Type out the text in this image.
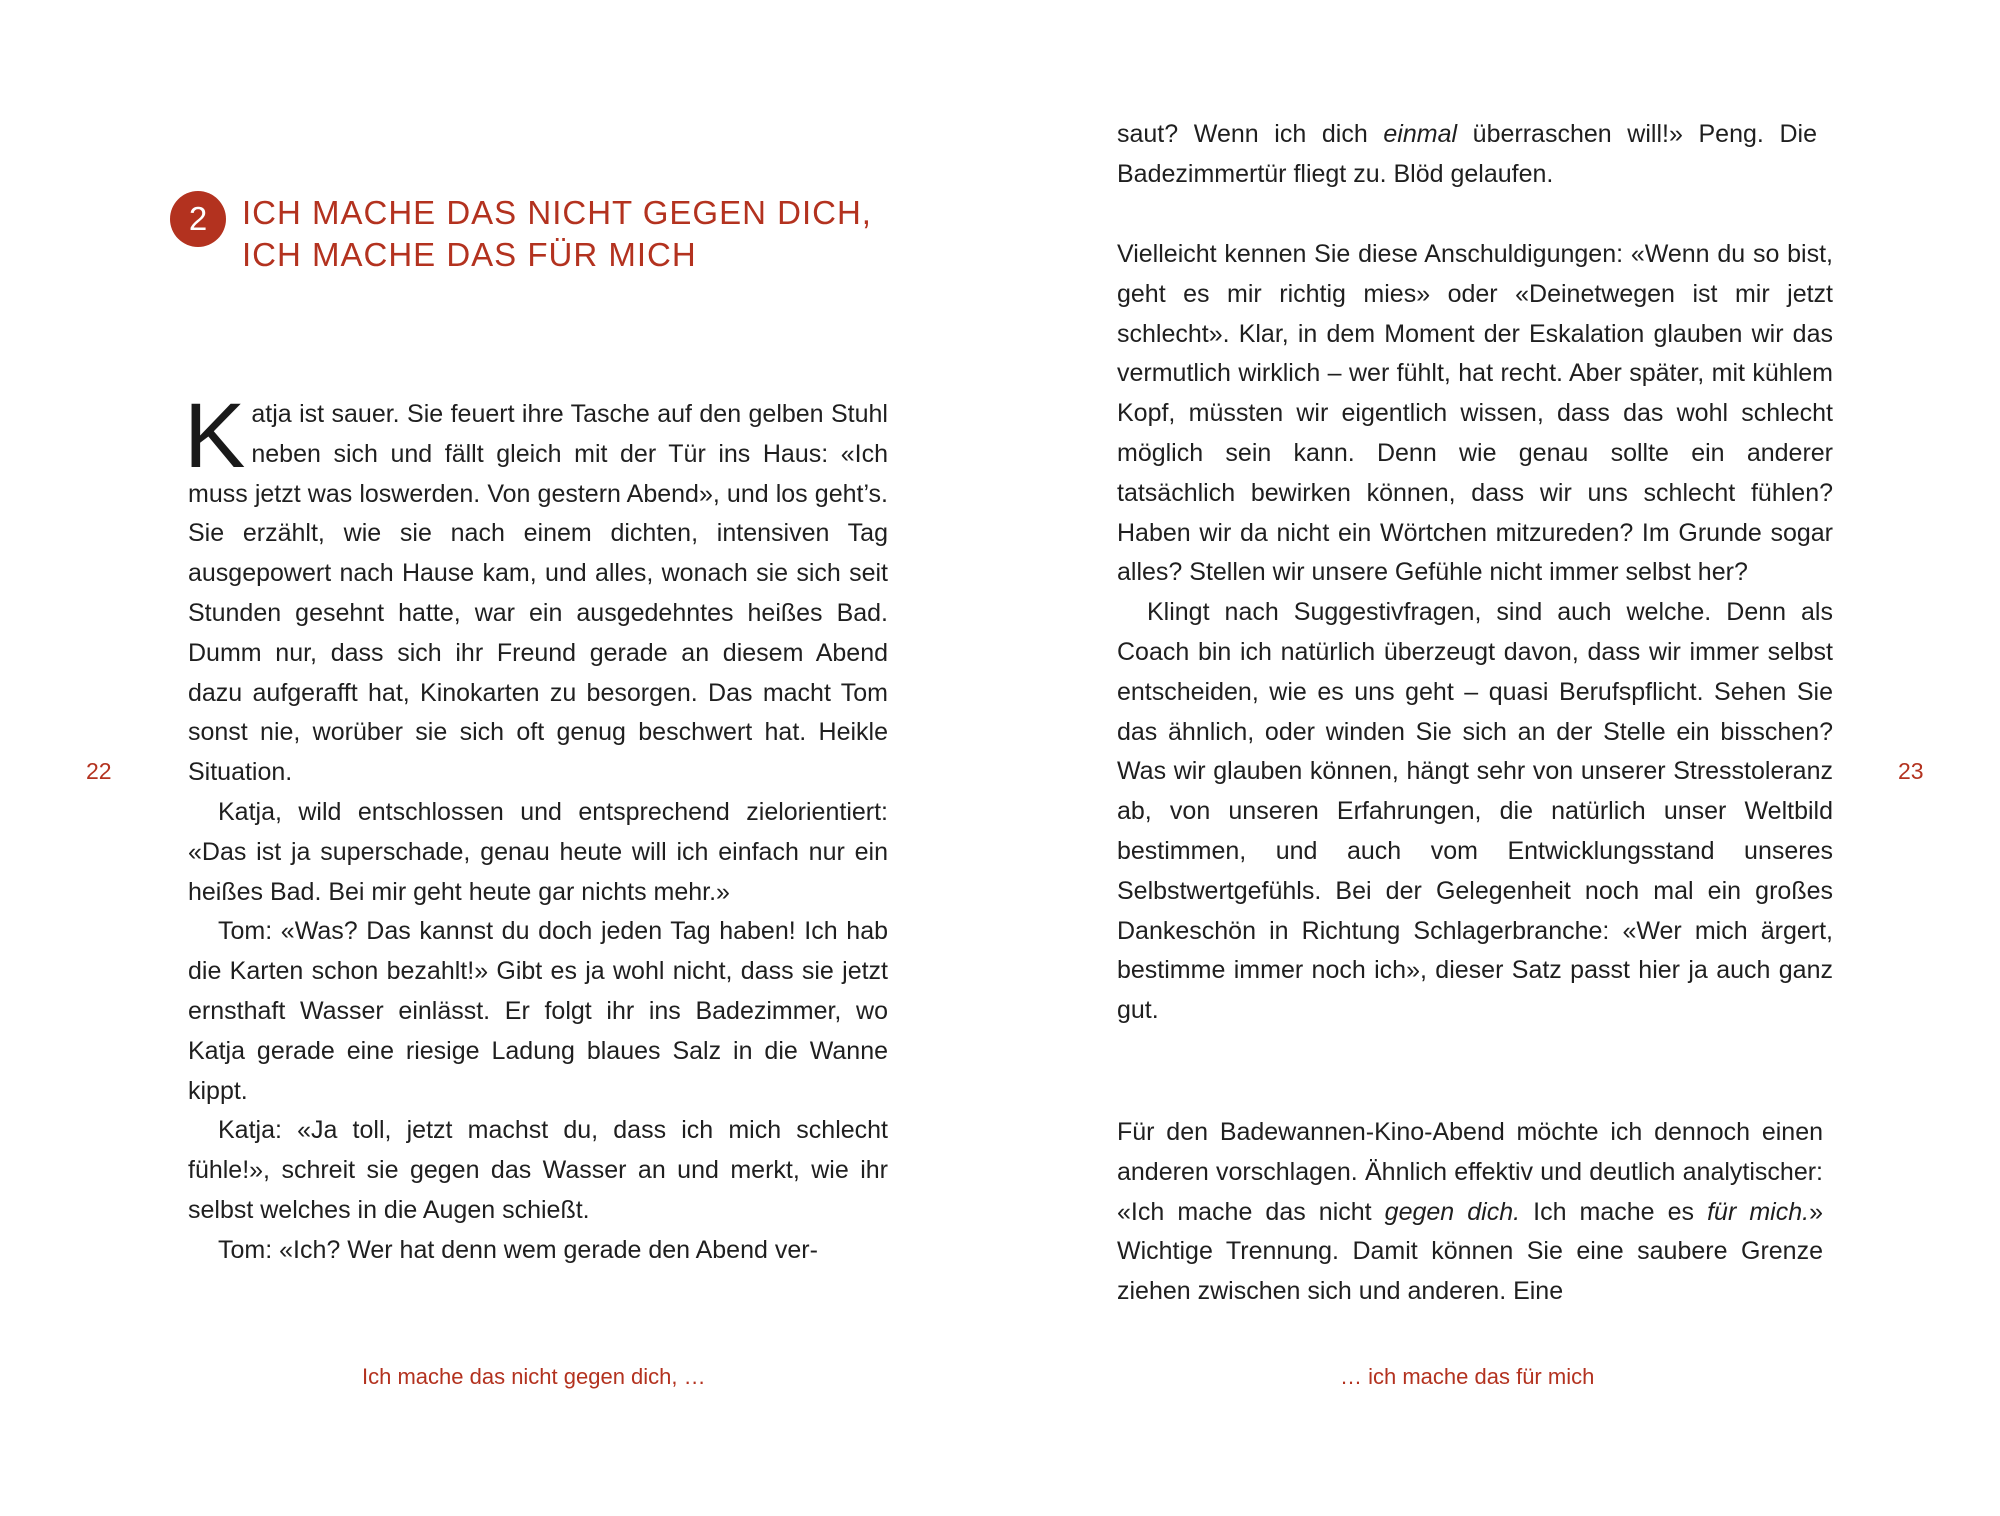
2	ICH MACHE DAS NICHT GEGEN DICH,
ICH MACHE DAS FÜR MICH

Katja ist sauer. Sie feuert ihre Tasche auf den gelben Stuhl neben sich und fällt gleich mit der Tür ins Haus: «Ich muss jetzt was loswerden. Von gestern Abend», und los geht’s. Sie erzählt, wie sie nach einem dichten, intensiven Tag ausgepowert nach Hause kam, und alles, wonach sie sich seit Stunden gesehnt hatte, war ein ausgedehntes heißes Bad. Dumm nur, dass sich ihr Freund gerade an diesem Abend dazu aufgerafft hat, Kinokarten zu besorgen. Das macht Tom sonst nie, worüber sie sich oft genug beschwert hat. Heikle Situation.

Katja, wild entschlossen und entsprechend zielorientiert: «Das ist ja superschade, genau heute will ich einfach nur ein heißes Bad. Bei mir geht heute gar nichts mehr.»

Tom: «Was? Das kannst du doch jeden Tag haben! Ich hab die Karten schon bezahlt!» Gibt es ja wohl nicht, dass sie jetzt ernsthaft Wasser einlässt. Er folgt ihr ins Badezimmer, wo Katja gerade eine riesige Ladung blaues Salz in die Wanne kippt.

Katja: «Ja toll, jetzt machst du, dass ich mich schlecht fühle!», schreit sie gegen das Wasser an und merkt, wie ihr selbst welches in die Augen schießt.

Tom: «Ich? Wer hat denn wem gerade den Abend ver-

22
Ich mache das nicht gegen dich, …

saut? Wenn ich dich einmal überraschen will!» Peng. Die Badezimmertür fliegt zu. Blöd gelaufen.

Vielleicht kennen Sie diese Anschuldigungen: «Wenn du so bist, geht es mir richtig mies» oder «Deinetwegen ist mir jetzt schlecht». Klar, in dem Moment der Eskalation glauben wir das vermutlich wirklich – wer fühlt, hat recht. Aber später, mit kühlem Kopf, müssten wir eigentlich wissen, dass das wohl schlecht möglich sein kann. Denn wie genau sollte ein anderer tatsächlich bewirken können, dass wir uns schlecht fühlen? Haben wir da nicht ein Wörtchen mitzureden? Im Grunde sogar alles? Stellen wir unsere Gefühle nicht immer selbst her?

Klingt nach Suggestivfragen, sind auch welche. Denn als Coach bin ich natürlich überzeugt davon, dass wir immer selbst entscheiden, wie es uns geht – quasi Berufspflicht. Sehen Sie das ähnlich, oder winden Sie sich an der Stelle ein bisschen? Was wir glauben können, hängt sehr von unserer Stresstoleranz ab, von unseren Erfahrungen, die natürlich unser Weltbild bestimmen, und auch vom Entwicklungsstand unseres Selbstwertgefühls. Bei der Gelegenheit noch mal ein großes Dankeschön in Richtung Schlagerbranche: «Wer mich ärgert, bestimme immer noch ich», dieser Satz passt hier ja auch ganz gut.

Für den Badewannen-Kino-Abend möchte ich dennoch einen anderen vorschlagen. Ähnlich effektiv und deutlich analytischer: «Ich mache das nicht gegen dich. Ich mache es für mich.» Wichtige Trennung. Damit können Sie eine saubere Grenze ziehen zwischen sich und anderen. Eine

23
… ich mache das für mich
